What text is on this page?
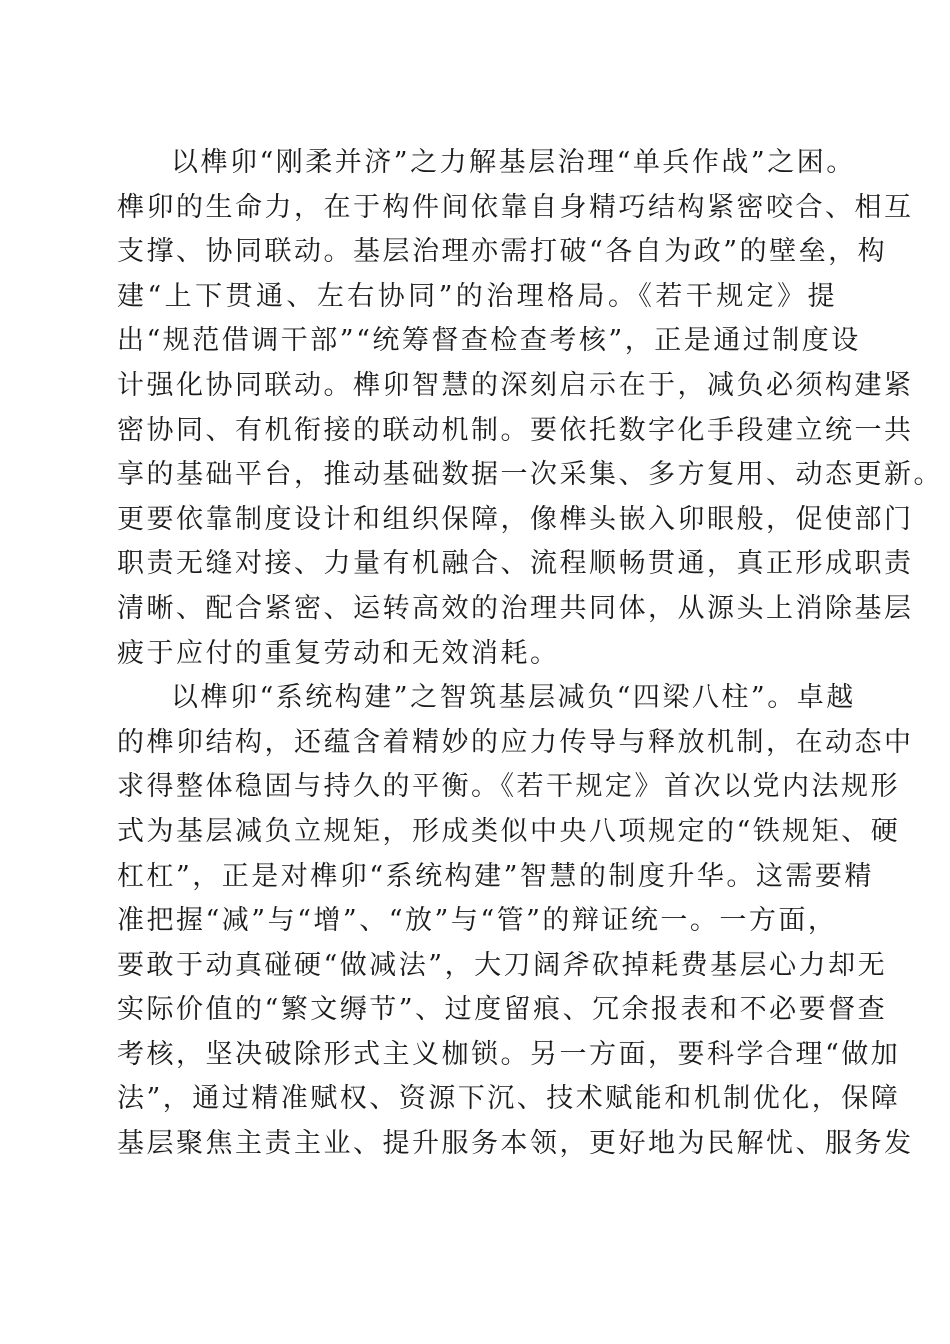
以榫卯“刚柔并济”之力解基层治理“单兵作战”之困。
榫卯的生命力，在于构件间依靠自身精巧结构紧密咬合、相互
支撑、协同联动。基层治理亦需打破“各自为政”的壁垒，构
建“上下贯通、左右协同”的治理格局。《若干规定》提
出“规范借调干部”“统筹督查检查考核”，正是通过制度设
计强化协同联动。榫卯智慧的深刻启示在于，减负必须构建紧
密协同、有机衔接的联动机制。要依托数字化手段建立统一共
享的基础平台，推动基础数据一次采集、多方复用、动态更新。
更要依靠制度设计和组织保障，像榫头嵌入卯眼般，促使部门
职责无缝对接、力量有机融合、流程顺畅贯通，真正形成职责
清晰、配合紧密、运转高效的治理共同体，从源头上消除基层
疲于应付的重复劳动和无效消耗。
以榫卯“系统构建”之智筑基层减负“四梁八柱”。卓越
的榫卯结构，还蕴含着精妙的应力传导与释放机制，在动态中
求得整体稳固与持久的平衡。《若干规定》首次以党内法规形
式为基层减负立规矩，形成类似中央八项规定的“铁规矩、硬
杠杠”，正是对榫卯“系统构建”智慧的制度升华。这需要精
准把握“减”与“增”、“放”与“管”的辩证统一。一方面，
要敢于动真碰硬“做减法”，大刀阔斧砍掉耗费基层心力却无
实际价值的“繁文缛节”、过度留痕、冗余报表和不必要督查
考核，坚决破除形式主义枷锁。另一方面，要科学合理“做加
法”，通过精准赋权、资源下沉、技术赋能和机制优化，保障
基层聚焦主责主业、提升服务本领，更好地为民解忧、服务发
